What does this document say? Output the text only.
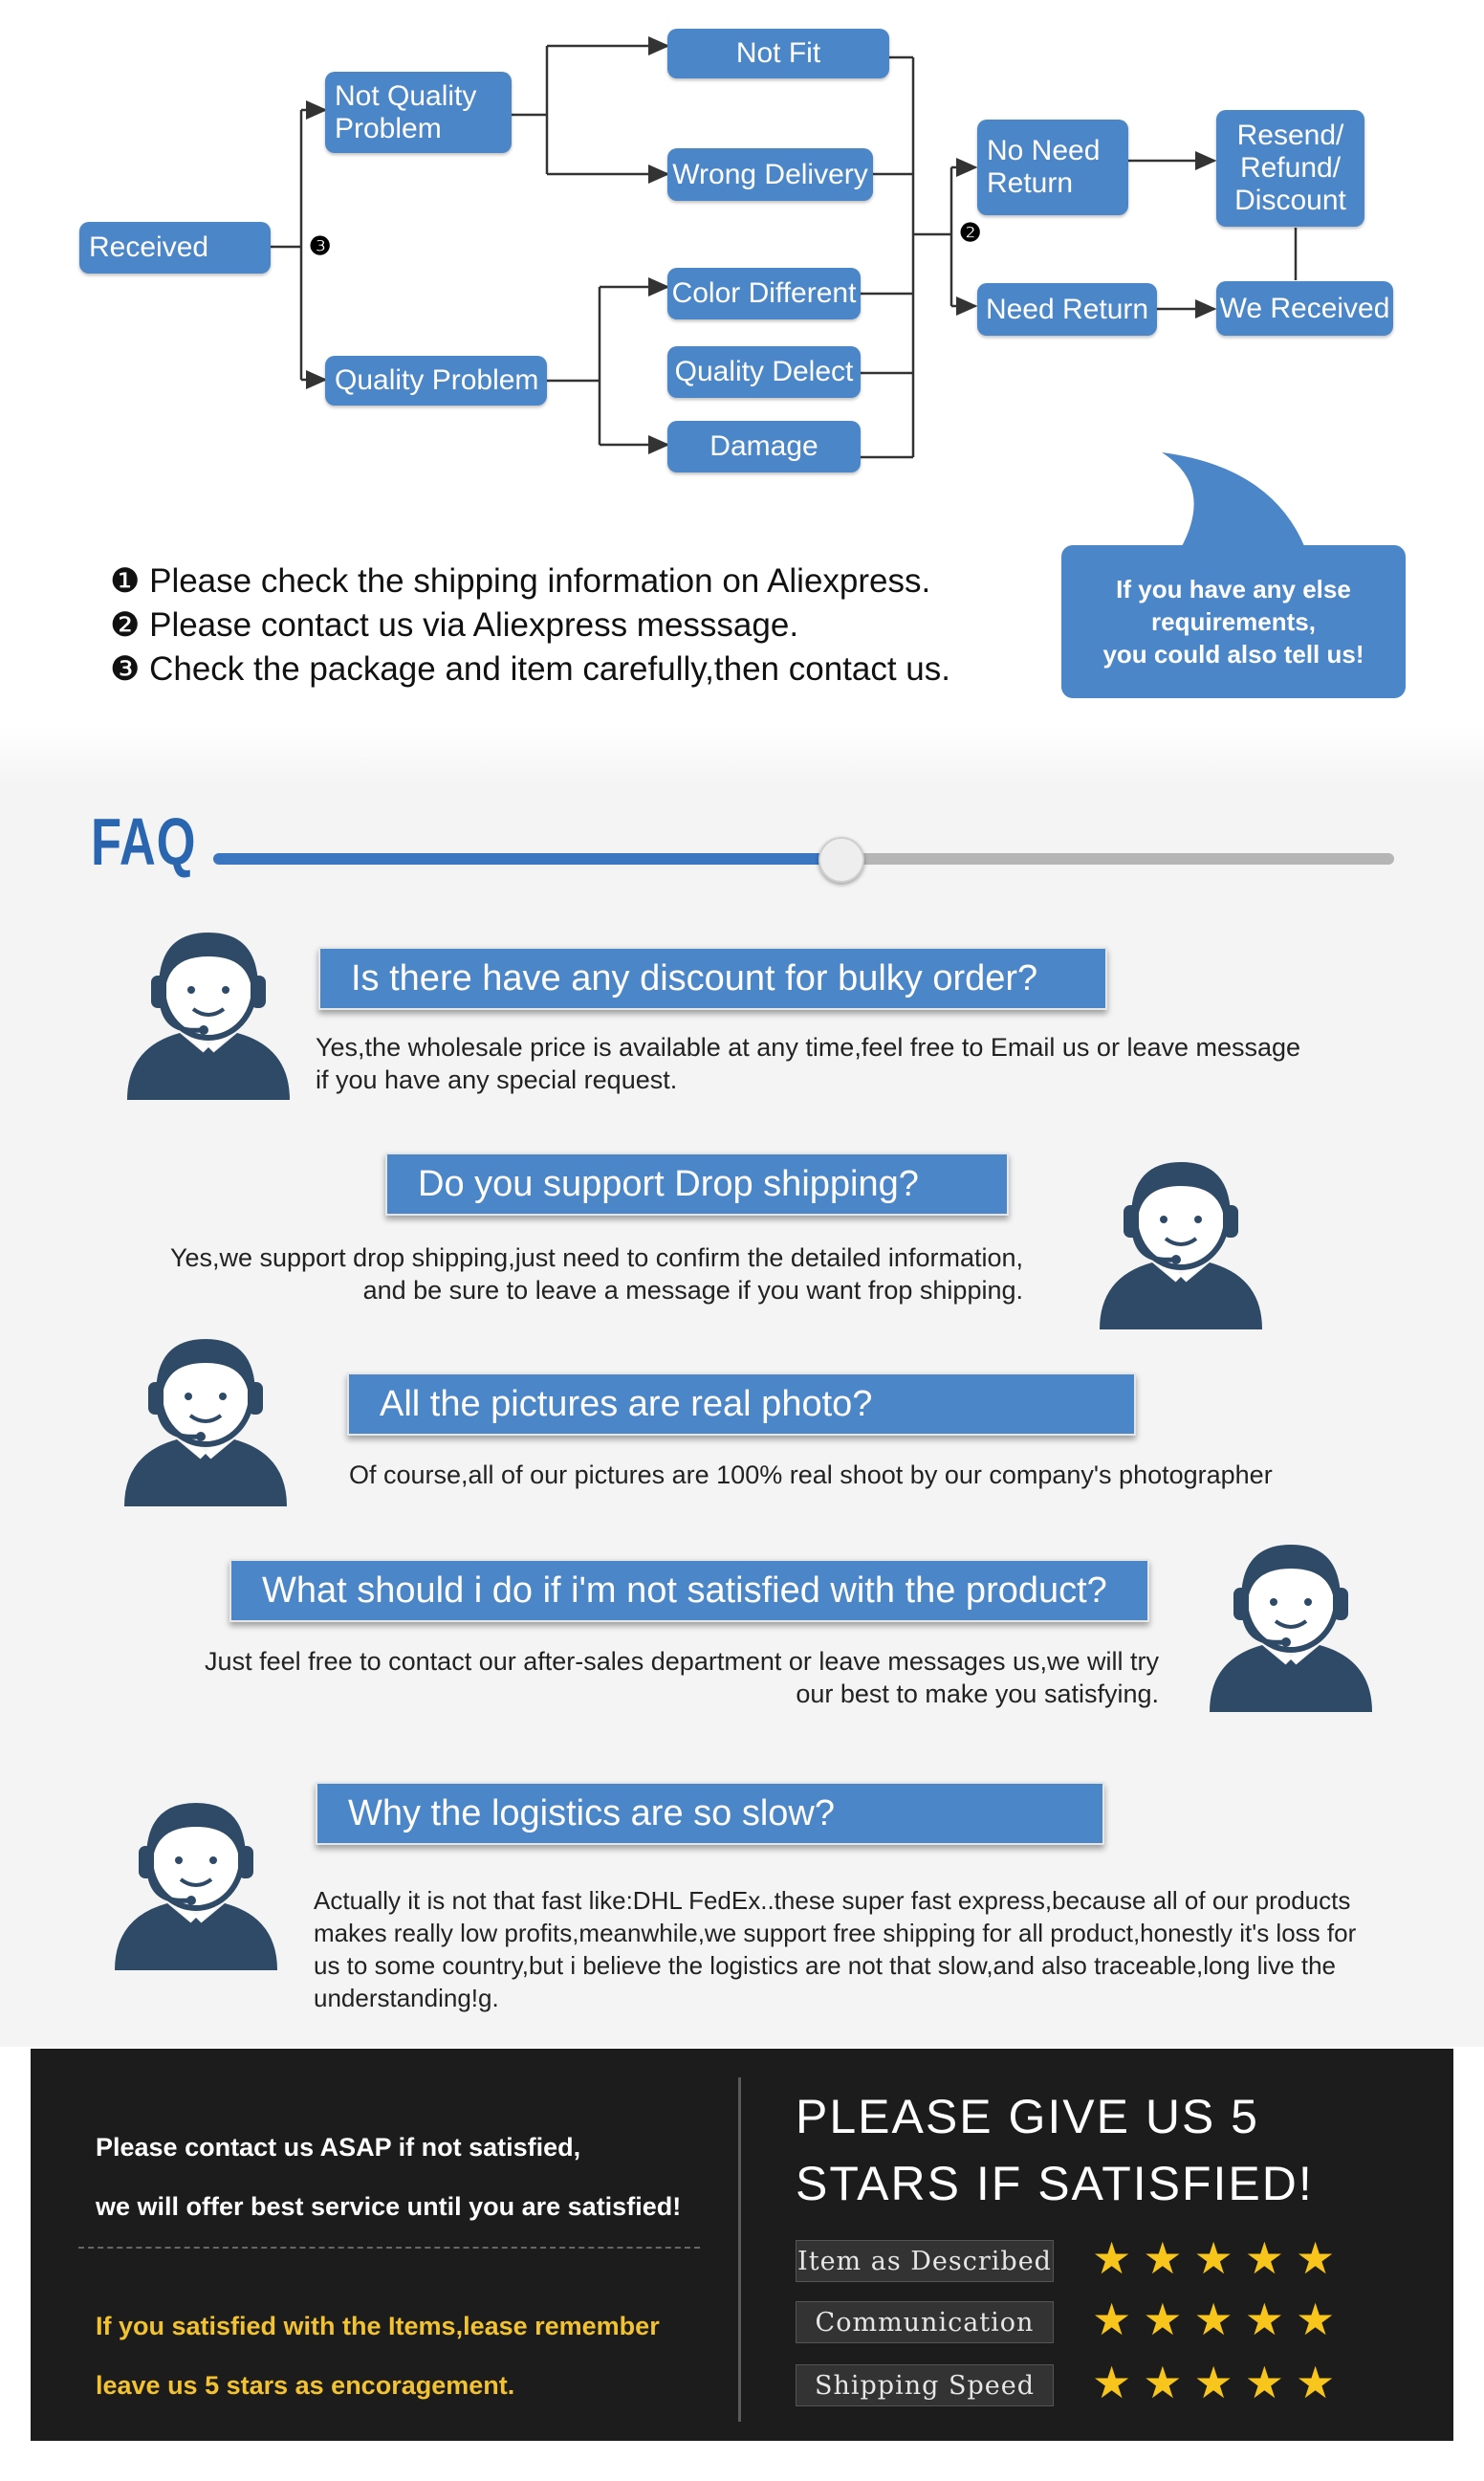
Received	❸
Not Quality Problem
Quality Problem
Not Fit
Wrong Delivery
Color Different
Quality Delect
Damage
❷
No Need Return
Need Return
Resend/ Refund/ Discount
We Received
❶ Please check the shipping information on Aliexpress.
❷ Please contact us via Aliexpress messsage.
❸ Check the package and item carefully,then contact us.
If you have any else
requirements,
you could also tell us!
FAQ
Is there have any discount for bulky order?
Yes,the wholesale price is available at any time,feel free to Email us or leave message
if you have any special request.
Do you support Drop shipping?
Yes,we support drop shipping,just need to confirm the detailed information,
and be sure to leave a message if you want frop shipping.
All the pictures are real photo?
Of course,all of our pictures are 100% real shoot by our company's photographer
What should i do if i'm not satisfied with the product?
Just feel free to contact our after-sales department or leave messages us,we will try
our best to make you satisfying.
Why the logistics are so slow?
Actually it is not that fast like:DHL FedEx..these super fast express,because all of our products
makes really low profits,meanwhile,we support free shipping for all product,honestly it's loss for
us to some country,but i believe the logistics are not that slow,and also traceable,long live the
understanding!g.
Please contact us ASAP if not satisfied,
we will offer best service until you are satisfied!
If you satisfied with the Items,lease remember
leave us 5 stars as encoragement.
PLEASE GIVE US 5
STARS IF SATISFIED!
Item as Described ★★★★★
Communication	★★★★★
Shipping Speed	★★★★★
